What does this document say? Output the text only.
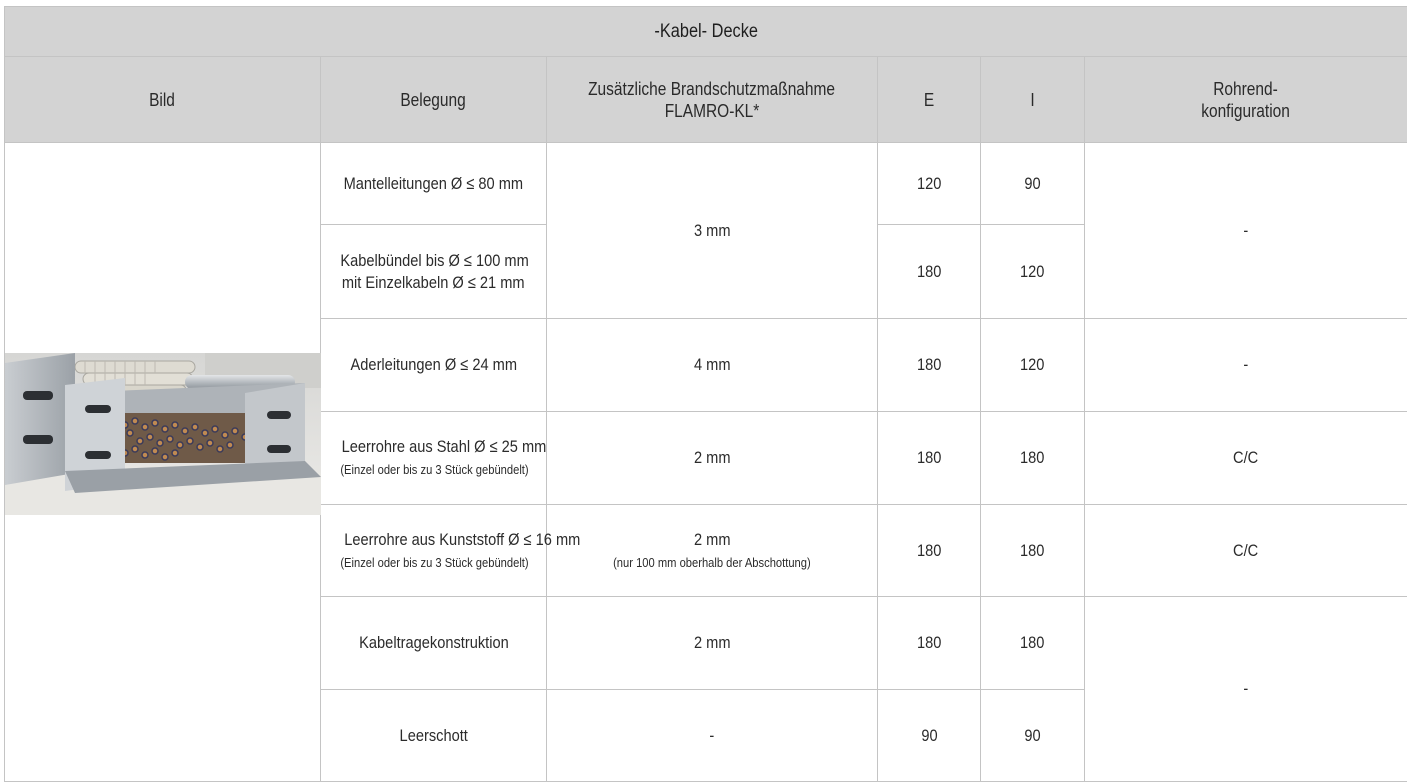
-Kabel- Decke					
Bild	Belegung	Zusätzliche Brandschutzmaßnahme
FLAMRO-KL*	E	I	Rohrend-
konfiguration

	Mantelleitungen Ø ≤ 80 mm	3 mm	120	90	-
	Kabelbündel bis Ø ≤ 100 mm
mit Einzelkabeln Ø ≤ 21 mm		180	120	
	Aderleitungen Ø ≤ 24 mm	4 mm	180	120	-
	Leerrohre aus Stahl Ø ≤ 25 mm
(Einzel oder bis zu 3 Stück gebündelt)	2 mm	180	180	C/C
	Leerrohre aus Kunststoff Ø ≤ 16 mm
(Einzel oder bis zu 3 Stück gebündelt)	2 mm
(nur 100 mm oberhalb der Abschottung)	180	180	C/C
	Kabeltragekonstruktion	2 mm	180	180	-
	Leerschott	-	90	90	
